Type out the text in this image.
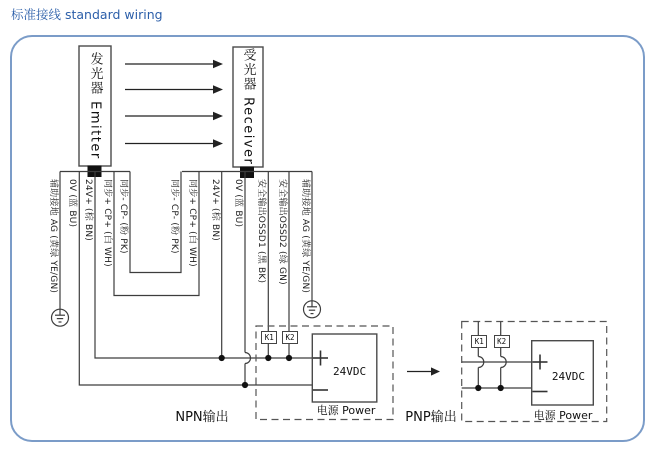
标准接线 standard wiring
发光器 Emitter	受光器 Receiver
辅助接地 AG (黄绿 YE/GN) 0V (蓝 BU) 24V+ (棕 BN) 同步+ CP+ (白 WH) 同步- CP- (粉 PK)	同步- CP- (粉 PK) 同步+ CP+ (白 WH) 24V+ (棕 BN) 0V (蓝 BU) 安全输出OSSD1 (黑 BK) 安全输出OSSD2 (绿 GN) 辅助接地 AG (黄绿 YE/GN)
K1	K2	K1	K2
24VDC
电源 Power
24VDC
电源 Power
NPN输出	PNP输出
